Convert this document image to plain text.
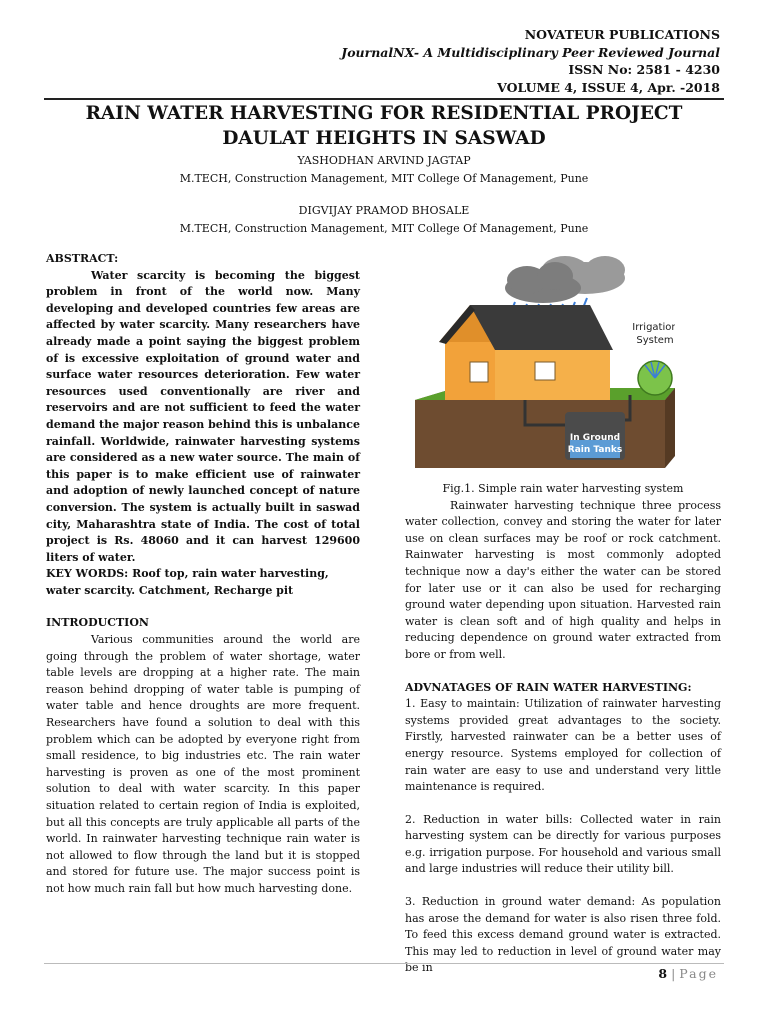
NOVATEUR PUBLICATIONS
JournalNX- A Multidisciplinary Peer Reviewed Journal
ISSN No: 2581 - 4230
VOLUME 4, ISSUE 4, Apr. -2018
RAIN WATER HARVESTING FOR RESIDENTIAL PROJECT DAULAT HEIGHTS IN SASWAD
YASHODHAN ARVIND JAGTAP
M.TECH, Construction Management, MIT College Of Management, Pune
DIGVIJAY PRAMOD BHOSALE
M.TECH, Construction Management, MIT College Of Management, Pune

ABSTRACT:

Water scarcity is becoming the biggest problem in front of the world now. Many developing and developed countries few areas are affected by water scarcity. Many researchers have already made a point saying the biggest problem of is excessive exploitation of ground water and surface water resources deterioration. Few water resources used conventionally are river and reservoirs and are not sufficient to feed the water demand the major reason behind this is unbalance rainfall. Worldwide, rainwater harvesting systems are considered as a new water source. The main of this paper is to make efficient use of rainwater and adoption of newly launched concept of nature conversion. The system is actually built in saswad city, Maharashtra state of India. The cost of total project is Rs. 48060 and it can harvest 129600 liters of water.

KEY WORDS: Roof top, rain water harvesting, water scarcity. Catchment, Recharge pit

INTRODUCTION

Various communities around the world are going through the problem of water shortage, water table levels are dropping at a higher rate. The main reason behind dropping of water table is pumping of water table and hence droughts are more frequent. Researchers have found a solution to deal with this problem which can be adopted by everyone right from small residence, to big industries etc. The rain water harvesting is proven as one of the most prominent solution to deal with water scarcity. In this paper situation related to certain region of India is exploited, but all this concepts are truly applicable all parts of the world. In rainwater harvesting technique rain water is not allowed to flow through the land but it is stopped and stored for future use. The major success point is not how much rain fall but how much harvesting done.

In Ground
Rain Tanks
Irrigation
System

Fig.1. Simple rain water harvesting system

Rainwater harvesting technique three process water collection, convey and storing the water for later use on clean surfaces may be roof or rock catchment. Rainwater harvesting is most commonly adopted technique now a day's either the water can be stored for later use or it can also be used for recharging ground water depending upon situation. Harvested rain water is clean soft and of high quality and helps in reducing dependence on ground water extracted from bore or from well.

ADVNATAGES OF RAIN WATER HARVESTING:

1. Easy to maintain: Utilization of rainwater harvesting systems provided great advantages to the society. Firstly, harvested rainwater can be a better uses of energy resource. Systems employed for collection of rain water are easy to use and understand very little maintenance is required.

2. Reduction in water bills: Collected water in rain harvesting system can be directly for various purposes e.g. irrigation purpose. For household and various small and large industries will reduce their utility bill.

3. Reduction in ground water demand: As population has arose the demand for water is also risen three fold. To feed this excess demand ground water is extracted. This may led to reduction in level of ground water may be in	8 | Page
